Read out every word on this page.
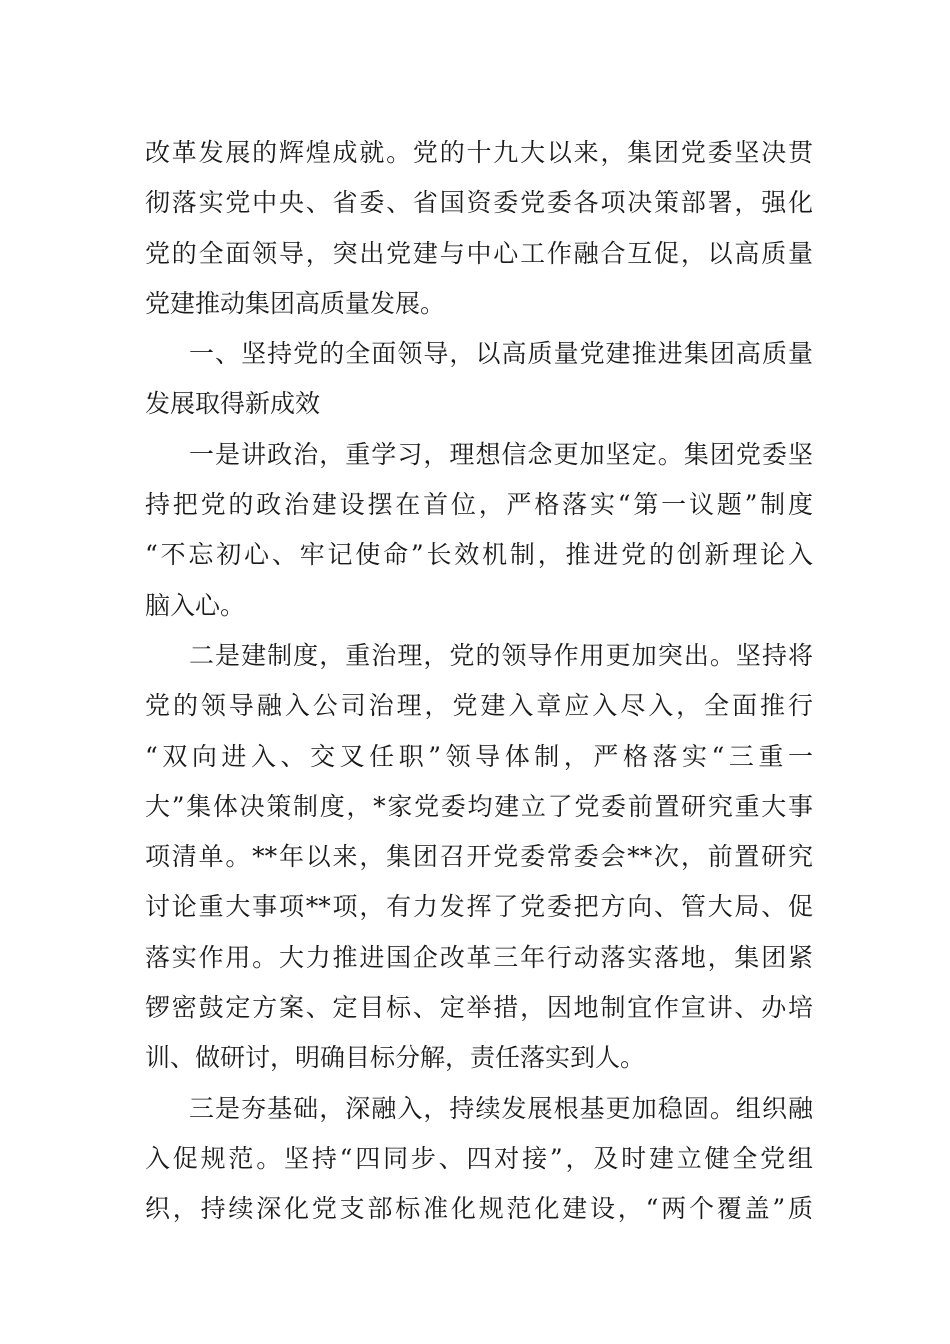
改革发展的辉煌成就。党的十九大以来，集团党委坚决贯
彻落实党中央、省委、省国资委党委各项决策部署，强化
党的全面领导，突出党建与中心工作融合互促，以高质量
党建推动集团高质量发展。
一、坚持党的全面领导，以高质量党建推进集团高质量
发展取得新成效
一是讲政治，重学习，理想信念更加坚定。集团党委坚
持把党的政治建设摆在首位，严格落实“第一议题”制度
“不忘初心、牢记使命”长效机制，推进党的创新理论入
脑入心。
二是建制度，重治理，党的领导作用更加突出。坚持将
党的领导融入公司治理，党建入章应入尽入，全面推行
“双向进入、交叉任职”领导体制，严格落实“三重一
大”集体决策制度，*家党委均建立了党委前置研究重大事
项清单。**年以来，集团召开党委常委会**次，前置研究
讨论重大事项**项，有力发挥了党委把方向、管大局、促
落实作用。大力推进国企改革三年行动落实落地，集团紧
锣密鼓定方案、定目标、定举措，因地制宜作宣讲、办培
训、做研讨，明确目标分解，责任落实到人。
三是夯基础，深融入，持续发展根基更加稳固。组织融
入促规范。坚持“四同步、四对接”，及时建立健全党组
织，持续深化党支部标准化规范化建设，“两个覆盖”质
